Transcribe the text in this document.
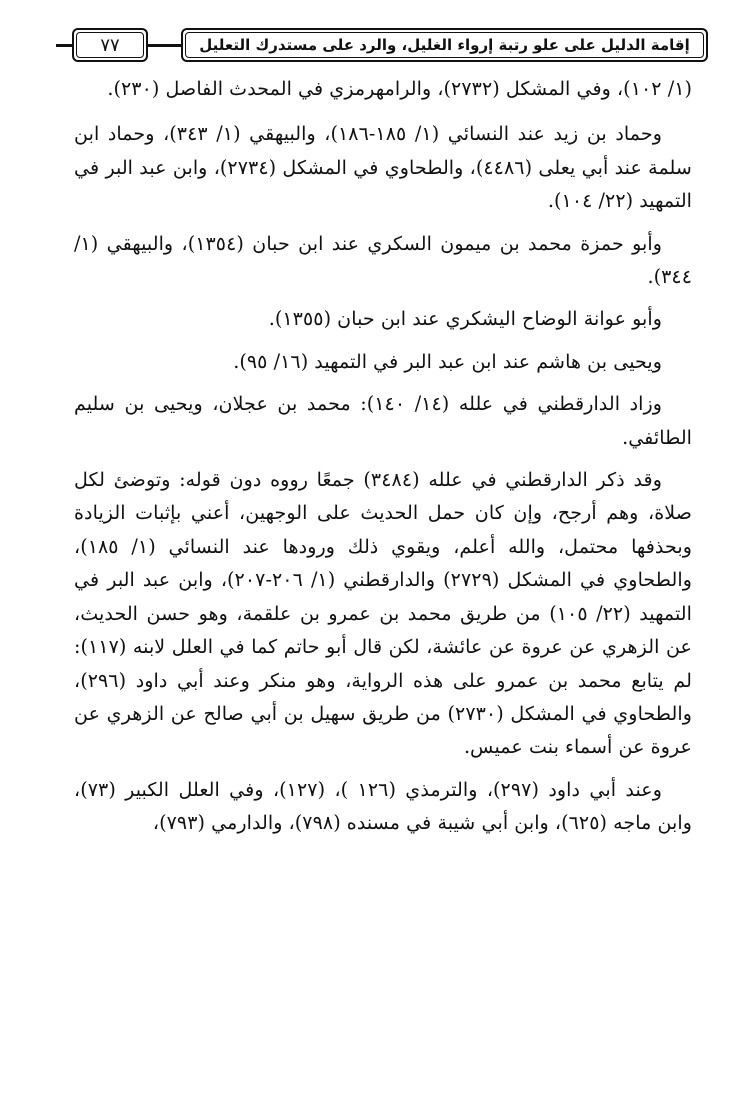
٧٧	إقامة الدليل على علو رتبة إرواء الغليل، والرد على مستدرك التعليل

(١/ ١٠٢)، وفي المشكل (٢٧٣٢)، والرامهرمزي في المحدث الفاصل (٢٣٠).

وحماد بن زيد عند النسائي (١/ ١٨٥-١٨٦)، والبيهقي (١/ ٣٤٣)، وحماد ابن سلمة عند أبي يعلى (٤٤٨٦)، والطحاوي في المشكل (٢٧٣٤)، وابن عبد البر في التمهيد (٢٢/ ١٠٤).

وأبو حمزة محمد بن ميمون السكري عند ابن حبان (١٣٥٤)، والبيهقي (١/ ٣٤٤).

وأبو عوانة الوضاح اليشكري عند ابن حبان (١٣٥٥).

ويحيى بن هاشم عند ابن عبد البر في التمهيد (١٦/ ٩٥).

وزاد الدارقطني في علله (١٤/ ١٤٠): محمد بن عجلان، ويحيى بن سليم الطائفي.

وقد ذكر الدارقطني في علله (٣٤٨٤) جمعًا رووه دون قوله: وتوضئ لكل صلاة، وهم أرجح، وإن كان حمل الحديث على الوجهين، أعني بإثبات الزيادة وبحذفها محتمل، والله أعلم، ويقوي ذلك ورودها عند النسائي (١/ ١٨٥)، والطحاوي في المشكل (٢٧٢٩) والدارقطني (١/ ٢٠٦-٢٠٧)، وابن عبد البر في التمهيد (٢٢/ ١٠٥) من طريق محمد بن عمرو بن علقمة، وهو حسن الحديث، عن الزهري عن عروة عن عائشة، لكن قال أبو حاتم كما في العلل لابنه (١١٧): لم يتابع محمد بن عمرو على هذه الرواية، وهو منكر وعند أبي داود (٢٩٦)، والطحاوي في المشكل (٢٧٣٠) من طريق سهيل بن أبي صالح عن الزهري عن عروة عن أسماء بنت عميس.

وعند أبي داود (٢٩٧)، والترمذي (١٢٦ )، (١٢٧)، وفي العلل الكبير (٧٣)، وابن ماجه (٦٢٥)، وابن أبي شيبة في مسنده (٧٩٨)، والدارمي (٧٩٣)،
